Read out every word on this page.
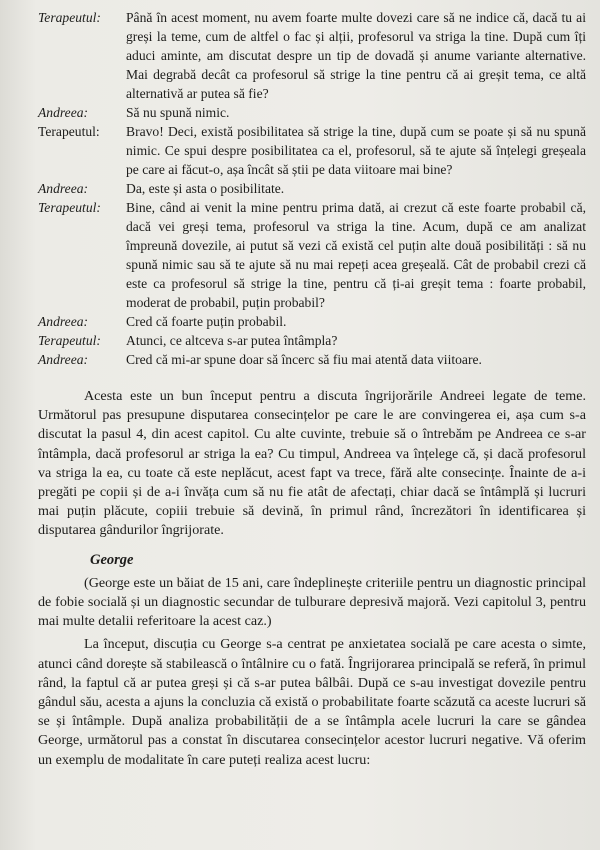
Terapeutul:	Până în acest moment, nu avem foarte multe dovezi care să ne indice că, dacă tu ai greși la teme, cum de altfel o fac și alții, profesorul va striga la tine. După cum îți aduci aminte, am discutat despre un tip de dovadă și anume variante alternative. Mai degrabă decât ca profesorul să strige la tine pentru că ai greșit tema, ce altă alternativă ar putea să fie?
Andreea:	Să nu spună nimic.
Terapeutul:	Bravo! Deci, există posibilitatea să strige la tine, după cum se poate și să nu spună nimic. Ce spui despre posibilitatea ca el, profesorul, să te ajute să înțelegi greșeala pe care ai făcut-o, așa încât să știi pe data viitoare mai bine?
Andreea:	Da, este și asta o posibilitate.
Terapeutul:	Bine, când ai venit la mine pentru prima dată, ai crezut că este foarte probabil că, dacă vei greși tema, profesorul va striga la tine. Acum, după ce am analizat împreună dovezile, ai putut să vezi că există cel puțin alte două posibilități : să nu spună nimic sau să te ajute să nu mai repeți acea greșeală. Cât de probabil crezi că este ca profesorul să strige la tine, pentru că ți-ai greșit tema : foarte probabil, moderat de probabil, puțin probabil?
Andreea:	Cred că foarte puțin probabil.
Terapeutul:	Atunci, ce altceva s-ar putea întâmpla?
Andreea:	Cred că mi-ar spune doar să încerc să fiu mai atentă data viitoare.

Acesta este un bun început pentru a discuta îngrijorările Andreei legate de teme. Următorul pas presupune disputarea consecințelor pe care le are convingerea ei, așa cum s-a discutat la pasul 4, din acest capitol. Cu alte cuvinte, trebuie să o întrebăm pe Andreea ce s-ar întâmpla, dacă profesorul ar striga la ea? Cu timpul, Andreea va înțelege că, și dacă profesorul va striga la ea, cu toate că este neplăcut, acest fapt va trece, fără alte consecințe. Înainte de a-i pregăti pe copii și de a-i învăța cum să nu fie atât de afectați, chiar dacă se întâmplă și lucruri mai puțin plăcute, copiii trebuie să devină, în primul rând, încrezători în identificarea și disputarea gândurilor îngrijorate.

George

(George este un băiat de 15 ani, care îndeplinește criteriile pentru un diagnostic principal de fobie socială și un diagnostic secundar de tulburare depresivă majoră. Vezi capitolul 3, pentru mai multe detalii referitoare la acest caz.)

La început, discuția cu George s-a centrat pe anxietatea socială pe care acesta o simte, atunci când dorește să stabilească o întâlnire cu o fată. Îngrijorarea principală se referă, în primul rând, la faptul că ar putea greși și că s-ar putea bâlbâi. După ce s-au investigat dovezile pentru gândul său, acesta a ajuns la concluzia că există o probabilitate foarte scăzută ca aceste lucruri să se și întâmple. După analiza probabilității de a se întâmpla acele lucruri la care se gândea George, următorul pas a constat în discutarea consecințelor acestor lucruri negative. Vă oferim un exemplu de modalitate în care puteți realiza acest lucru:
